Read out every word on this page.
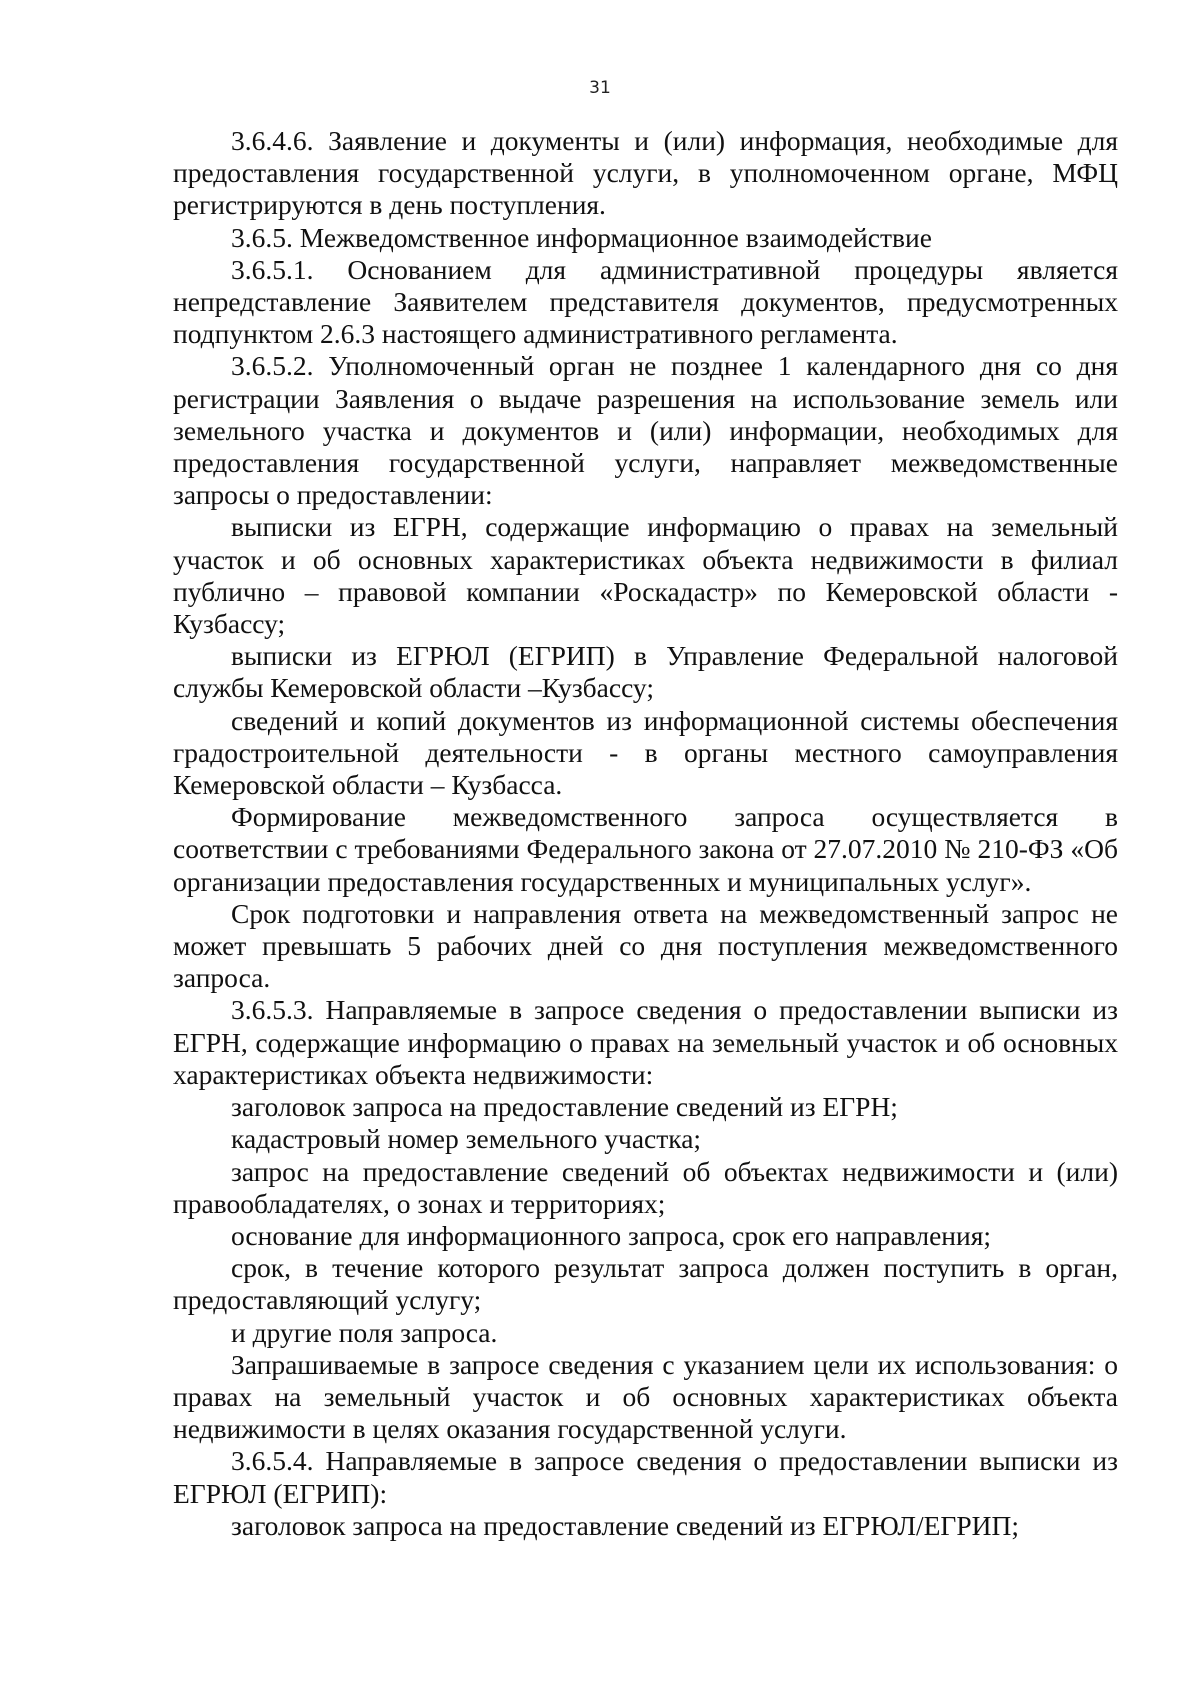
31

3.6.4.6. Заявление и документы и (или) информация, необходимые для предоставления государственной услуги, в уполномоченном органе, МФЦ регистрируются в день поступления.

3.6.5. Межведомственное информационное взаимодействие

3.6.5.1. Основанием для административной процедуры является непредставление Заявителем представителя документов, предусмотренных подпунктом 2.6.3 настоящего административного регламента.

3.6.5.2. Уполномоченный орган не позднее 1 календарного дня со дня регистрации Заявления о выдаче разрешения на использование земель или земельного участка и документов и (или) информации, необходимых для предоставления государственной услуги, направляет межведомственные запросы о предоставлении:

выписки из ЕГРН, содержащие информацию о правах на земельный участок и об основных характеристиках объекта недвижимости в филиал публично – правовой компании «Роскадастр» по Кемеровской области - Кузбассу;

выписки из ЕГРЮЛ (ЕГРИП) в Управление Федеральной налоговой службы Кемеровской области –Кузбассу;

сведений и копий документов из информационной системы обеспечения градостроительной деятельности - в органы местного самоуправления Кемеровской области – Кузбасса.

Формирование межведомственного запроса осуществляется в соответствии с требованиями Федерального закона от 27.07.2010 № 210-ФЗ «Об организации предоставления государственных и муниципальных услуг».

Срок подготовки и направления ответа на межведомственный запрос не может превышать 5 рабочих дней со дня поступления межведомственного запроса.

3.6.5.3. Направляемые в запросе сведения о предоставлении выписки из ЕГРН, содержащие информацию о правах на земельный участок и об основных характеристиках объекта недвижимости:

заголовок запроса на предоставление сведений из ЕГРН;

кадастровый номер земельного участка;

запрос на предоставление сведений об объектах недвижимости и (или) правообладателях, о зонах и территориях;

основание для информационного запроса, срок его направления;

срок, в течение которого результат запроса должен поступить в орган, предоставляющий услугу;

и другие поля запроса.

Запрашиваемые в запросе сведения с указанием цели их использования: о правах на земельный участок и об основных характеристиках объекта недвижимости в целях оказания государственной услуги.

3.6.5.4. Направляемые в запросе сведения о предоставлении выписки из ЕГРЮЛ (ЕГРИП):

заголовок запроса на предоставление сведений из ЕГРЮЛ/ЕГРИП;
